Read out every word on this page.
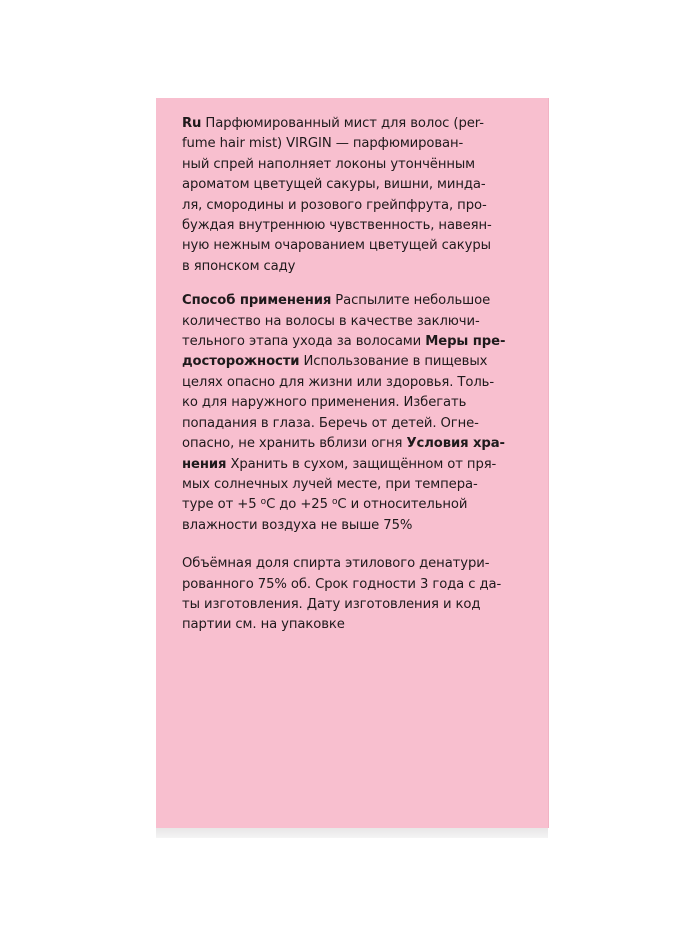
Ru Парфюмированный мист для волос (per-
fume hair mist) VIRGIN — парфюмирован-
ный спрей наполняет локоны утончённым
ароматом цветущей сакуры, вишни, минда-
ля, смородины и розового грейпфрута, про-
буждая внутреннюю чувственность, навеян-
ную нежным очарованием цветущей сакуры
в японском саду
Способ применения Распылите небольшое
количество на волосы в качестве заключи-
тельного этапа ухода за волосами Меры пре-
досторожности Использование в пищевых
целях опасно для жизни или здоровья. Толь-
ко для наружного применения. Избегать
попадания в глаза. Беречь от детей. Огне-
опасно, не хранить вблизи огня Условия хра-
нения Хранить в сухом, защищённом от пря-
мых солнечных лучей месте, при темпера-
туре от +5 $^о$С до +25 $^о$С и относительной
влажности воздуха не выше 75%
Объёмная доля спирта этилового денатури-
рованного 75% об. Срок годности 3 года с да-
ты изготовления. Дату изготовления и код
партии см. на упаковке
